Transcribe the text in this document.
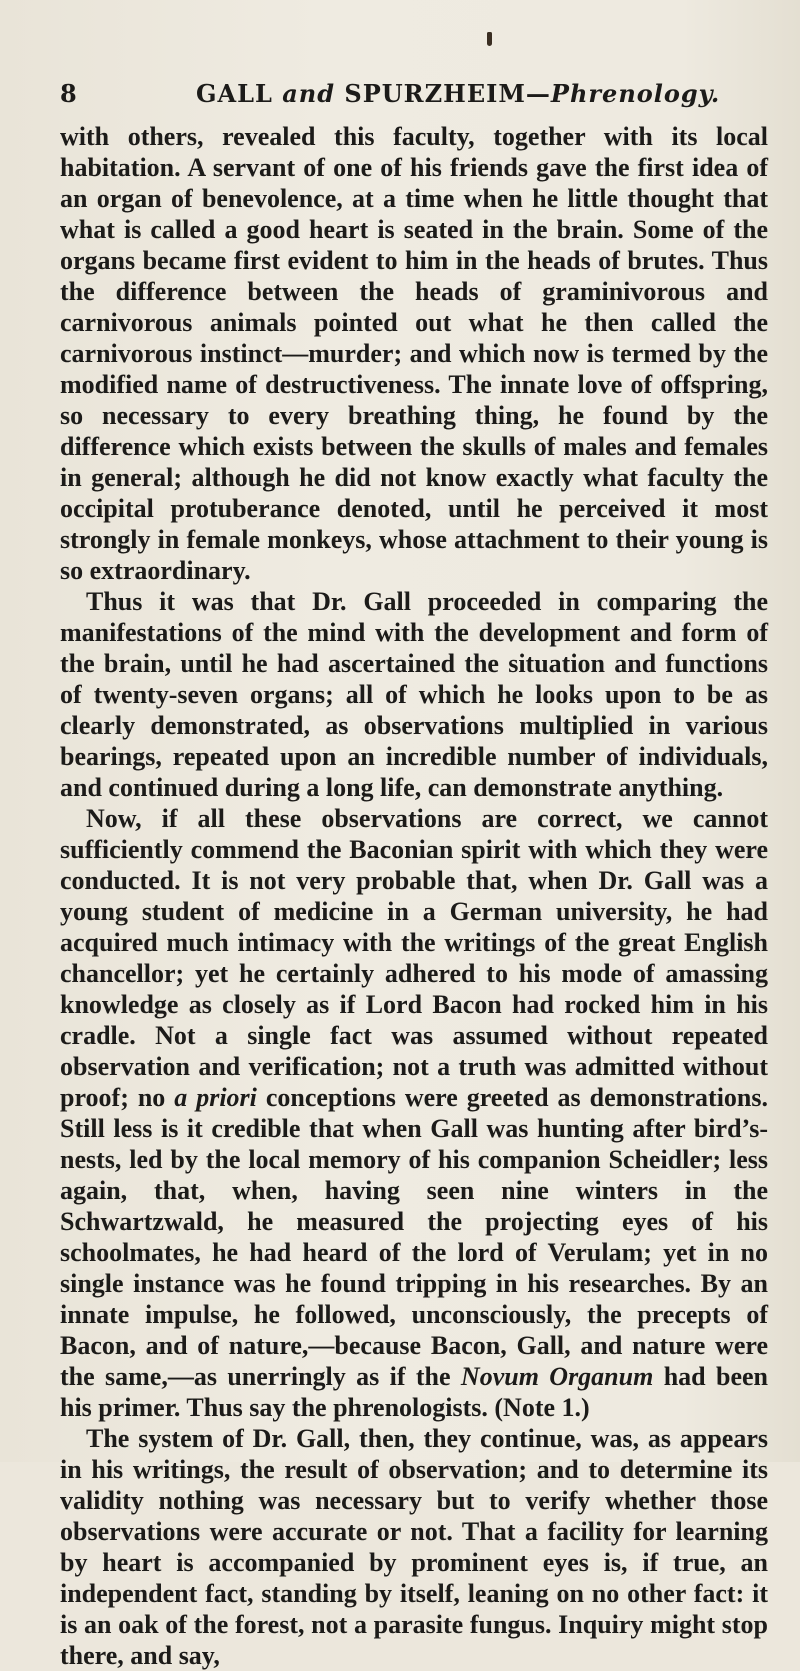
8	GALL and SPURZHEIM—Phrenology.

with others, revealed this faculty, together with its local habitation. A servant of one of his friends gave the first idea of an organ of benevolence, at a time when he little thought that what is called a good heart is seated in the brain. Some of the organs became first evident to him in the heads of brutes. Thus the difference between the heads of graminivorous and carnivorous animals pointed out what he then called the carnivorous instinct—murder; and which now is termed by the modified name of destructiveness. The innate love of offspring, so necessary to every breathing thing, he found by the difference which exists between the skulls of males and females in general; although he did not know exactly what faculty the occipital protuberance denoted, until he perceived it most strongly in female monkeys, whose attachment to their young is so extraordinary.

Thus it was that Dr. Gall proceeded in comparing the manifestations of the mind with the development and form of the brain, until he had ascertained the situation and functions of twenty-seven organs; all of which he looks upon to be as clearly demonstrated, as observations multiplied in various bearings, repeated upon an incredible number of individuals, and continued during a long life, can demonstrate anything.

Now, if all these observations are correct, we cannot sufficiently commend the Baconian spirit with which they were conducted. It is not very probable that, when Dr. Gall was a young student of medicine in a German university, he had acquired much intimacy with the writings of the great English chancellor; yet he certainly adhered to his mode of amassing knowledge as closely as if Lord Bacon had rocked him in his cradle. Not a single fact was assumed without repeated observation and verification; not a truth was admitted without proof; no a priori conceptions were greeted as demonstrations. Still less is it credible that when Gall was hunting after bird’s-nests, led by the local memory of his companion Scheidler; less again, that, when, having seen nine winters in the Schwartzwald, he measured the projecting eyes of his schoolmates, he had heard of the lord of Verulam; yet in no single instance was he found tripping in his researches. By an innate impulse, he followed, unconsciously, the precepts of Bacon, and of nature,—because Bacon, Gall, and nature were the same,—as unerringly as if the Novum Organum had been his primer. Thus say the phrenologists. (Note 1.)

The system of Dr. Gall, then, they continue, was, as appears in his writings, the result of observation; and to determine its validity nothing was necessary but to verify whether those observations were accurate or not. That a facility for learning by heart is accompanied by prominent eyes is, if true, an independent fact, standing by itself, leaning on no other fact: it is an oak of the forest, not a parasite fungus. Inquiry might stop there, and say,
